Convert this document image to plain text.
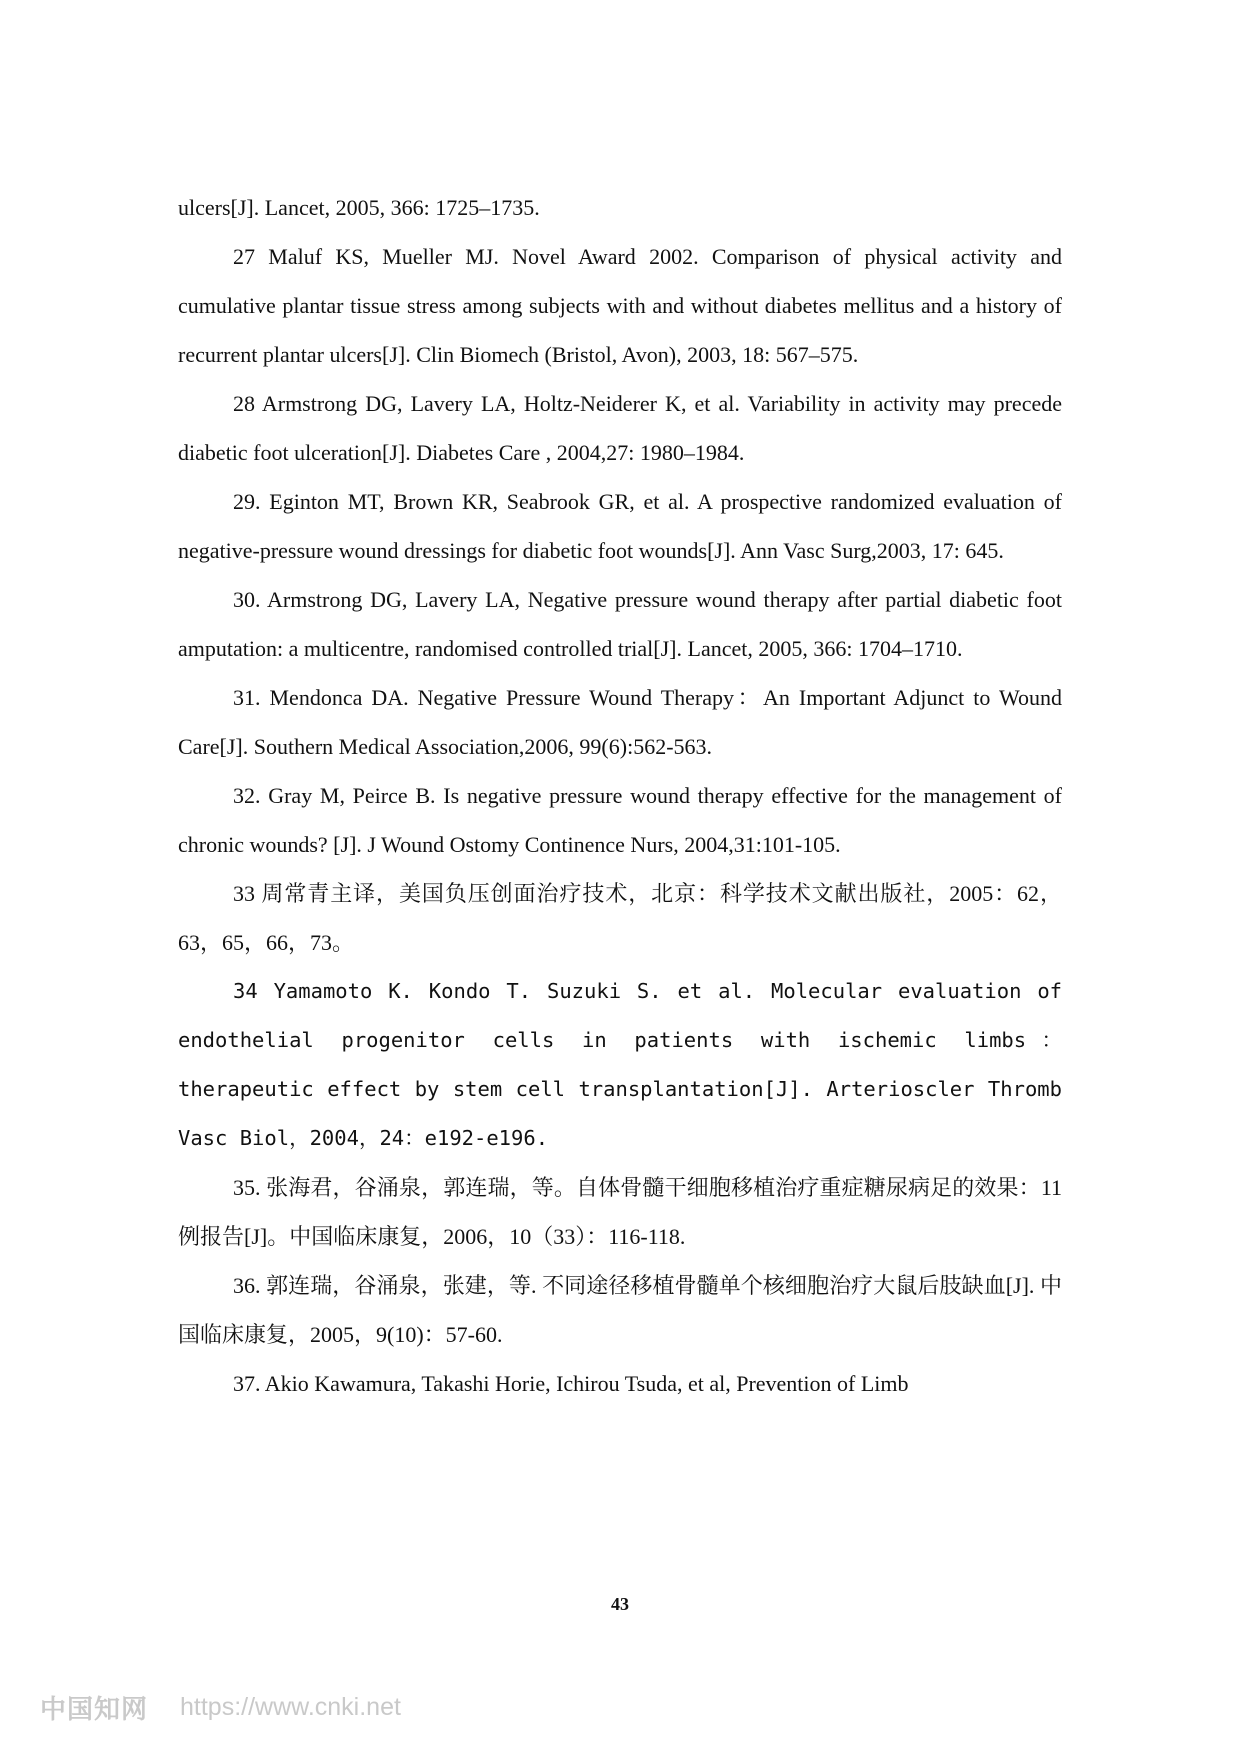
ulcers[J]. Lancet, 2005, 366: 1725–1735.

27 Maluf KS, Mueller MJ. Novel Award 2002. Comparison of physical activity and cumulative plantar tissue stress among subjects with and without diabetes mellitus and a history of recurrent plantar ulcers[J]. Clin Biomech (Bristol, Avon), 2003, 18: 567–575.

28 Armstrong DG, Lavery LA, Holtz-Neiderer K, et al. Variability in activity may precede diabetic foot ulceration[J]. Diabetes Care , 2004,27: 1980–1984.

29. Eginton MT, Brown KR, Seabrook GR, et al. A prospective randomized evaluation of negative-pressure wound dressings for diabetic foot wounds[J]. Ann Vasc Surg,2003, 17: 645.

30. Armstrong DG, Lavery LA, Negative pressure wound therapy after partial diabetic foot amputation: a multicentre, randomised controlled trial[J]. Lancet, 2005, 366: 1704–1710.

31. Mendonca DA. Negative Pressure Wound Therapy：An Important Adjunct to Wound Care[J]. Southern Medical Association,2006, 99(6):562-563.

32. Gray M, Peirce B. Is negative pressure wound therapy effective for the management of chronic wounds? [J]. J Wound Ostomy Continence Nurs, 2004,31:101-105.

33 周常青主译，美国负压创面治疗技术，北京：科学技术文献出版社，2005：62，63，65，66，73。

34 Yamamoto K. Kondo T. Suzuki S. et al. Molecular evaluation of endothelial progenitor cells in patients with ischemic limbs：therapeutic effect by stem cell transplantation[J]. Arterioscler Thromb Vasc Biol，2004，24：e192-e196.

35. 张海君，谷涌泉，郭连瑞，等。自体骨髓干细胞移植治疗重症糖尿病足的效果：11例报告[J]。中国临床康复，2006，10（33）：116-118.

36. 郭连瑞，谷涌泉，张建，等. 不同途径移植骨髓单个核细胞治疗大鼠后肢缺血[J]. 中国临床康复，2005，9(10)：57-60.

37. Akio Kawamura, Takashi Horie, Ichirou Tsuda, et al, Prevention of Limb

43
中国知网 https://www.cnki.net
